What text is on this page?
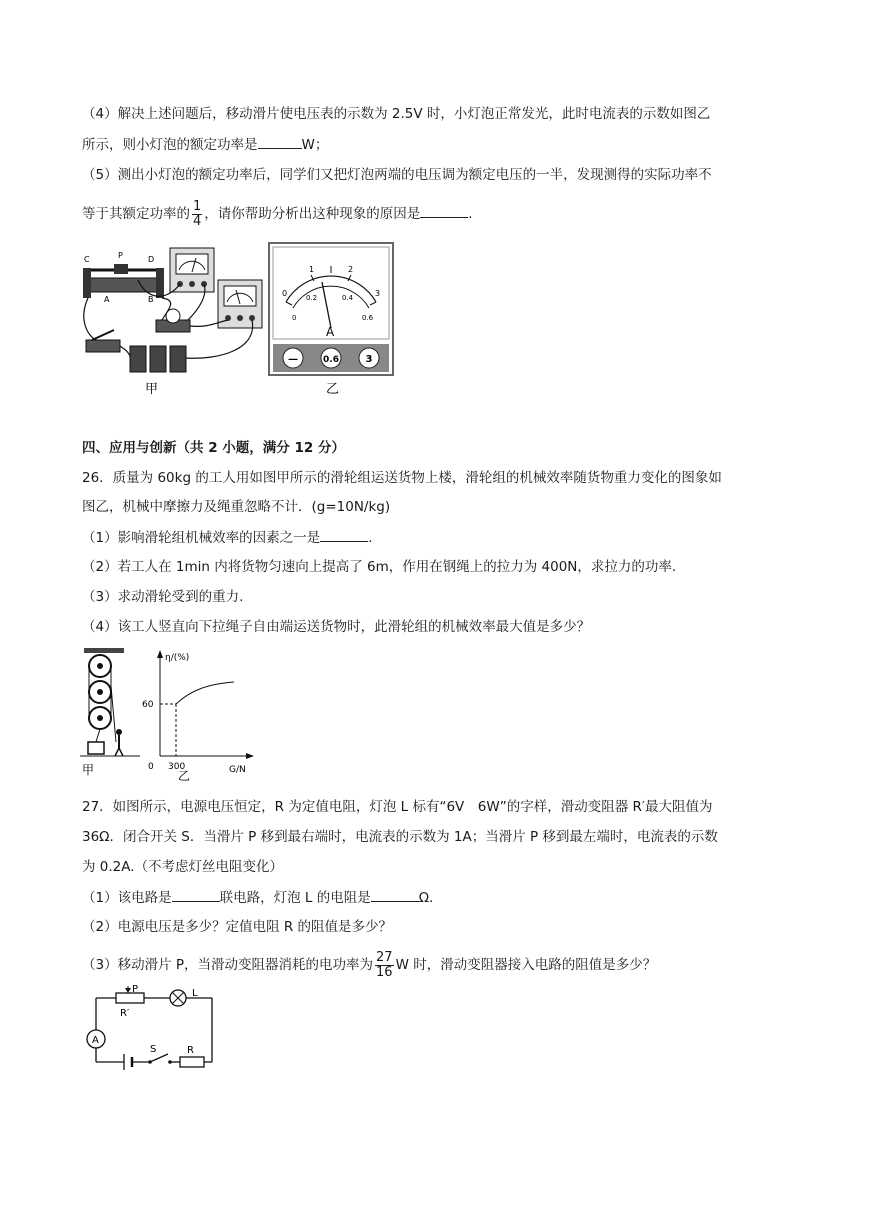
（4）解决上述问题后，移动滑片使电压表的示数为 2.5V 时，小灯泡正常发光，此时电流表的示数如图乙
所示，则小灯泡的额定功率是	W；
（5）测出小灯泡的额定功率后，同学们又把灯泡两端的电压调为额定电压的一半，发现测得的实际功率不
等于其额定功率的 $\frac{1}{4}$ ，请你帮助分析出这种现象的原因是	.
C	P	D
A	B
甲
0
1	2
3
0
0.2	0.4
0.6
A
—	0.6	3
乙
四、应用与创新（共 2 小题，满分 12 分）
26．质量为 60kg 的工人用如图甲所示的滑轮组运送货物上楼，滑轮组的机械效率随货物重力变化的图象如
图乙，机械中摩擦力及绳重忽略不计．(g=10N/kg)
（1）影响滑轮组机械效率的因素之一是	.
（2）若工人在 1min 内将货物匀速向上提高了 6m，作用在钢绳上的拉力为 400N，求拉力的功率.
（3）求动滑轮受到的重力.
（4）该工人竖直向下拉绳子自由端运送货物时，此滑轮组的机械效率最大值是多少？
甲
η/(%)
G/N
0
60
300
乙
27．如图所示，电源电压恒定，R 为定值电阻，灯泡 L 标有“6V　6W”的字样，滑动变阻器 R′最大阻值为
36Ω．闭合开关 S．当滑片 P 移到最右端时，电流表的示数为 1A；当滑片 P 移到最左端时，电流表的示数
为 0.2A.（不考虑灯丝电阻变化）
（1）该电路是	联电路，灯泡 L 的电阻是	Ω．
（2）电源电压是多少？定值电阻 R 的阻值是多少？
（3）移动滑片 P，当滑动变阻器消耗的电功率为 $\frac{27}{16}$ W 时，滑动变阻器接入电路的阻值是多少？
P
R′
L
A
S	R
